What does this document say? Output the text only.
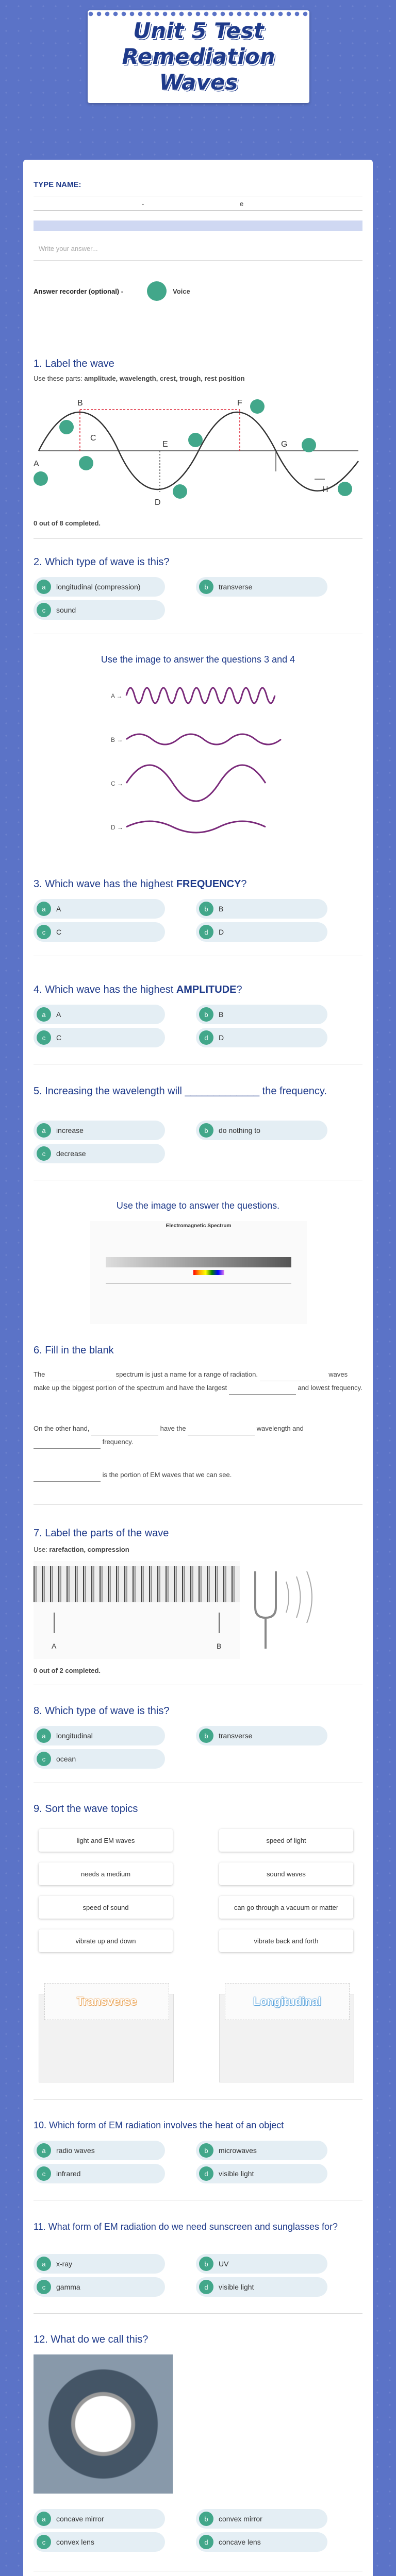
Unit 5 Test Remediation
Waves
TYPE NAME:
-	e
Write your answer...
Answer recorder (optional) -	Voice
1. Label the wave
Use these parts: amplitude, wavelength, crest, trough, rest position
A
B
C
D
E
F
G
H
0 out of 8 completed.
2. Which type of wave is this?
a	longitudinal (compression)	b	transverse
c	sound
Use the image to answer the questions 3 and 4
A →
B →
C →
D →
3. Which wave has the highest FREQUENCY?
a	A	b	B
c	C	d	D
4. Which wave has the highest AMPLITUDE?
a	A	b	B
c	C	d	D
5. Increasing the wavelength will _____________ the frequency.
a	increase	b	do nothing to
c	decrease
Use the image to answer the questions.
Electromagnetic Spectrum
6. Fill in the blank
The	spectrum is just a name for a range of radiation.	waves make up the biggest portion of the spectrum and have the largest	and lowest frequency.
On the other hand,	have the	wavelength and  frequency.
is the portion of EM waves that we can see.
7. Label the parts of the wave
Use: rarefaction, compression
A	B
0 out of 2 completed.
8. Which type of wave is this?
a	longitudinal	b	transverse
c	ocean
9. Sort the wave topics
light and EM waves	speed of light
needs a medium	sound waves
speed of sound	can go through a vacuum or matter
vibrate up and down	vibrate back and forth
Transverse	Longitudinal
10. Which form of EM radiation involves the heat of an object
a	radio waves	b	microwaves
c	infrared	d	visible light
11. What form of EM radiation do we need sunscreen and sunglasses for?
a	x-ray	b	UV
c	gamma	d	visible light
12. What do we call this?
a	concave mirror	b	convex mirror
c	convex lens	d	concave lens
